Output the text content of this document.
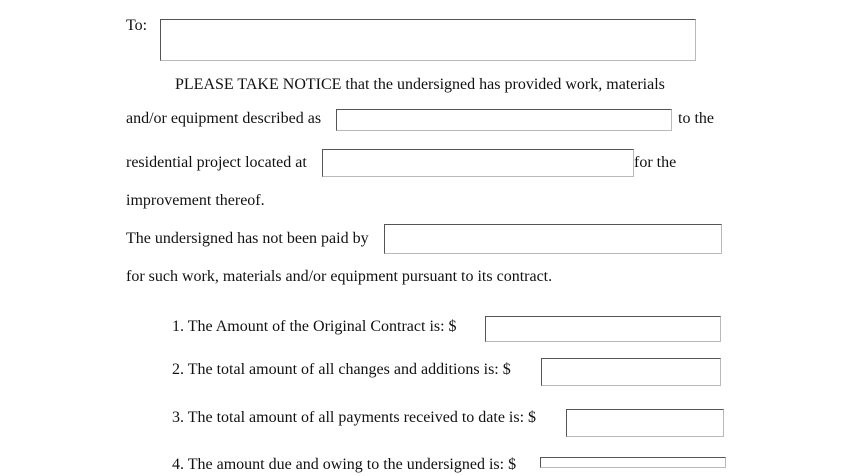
To:
PLEASE TAKE NOTICE that the undersigned has provided work, materials
and/or equipment described as	to the
residential project located at	for the
improvement thereof.
The undersigned has not been paid by
for such work, materials and/or equipment pursuant to its contract.
1. The Amount of the Original Contract is: $
2. The total amount of all changes and additions is: $
3. The total amount of all payments received to date is: $
4. The amount due and owing to the undersigned is: $
